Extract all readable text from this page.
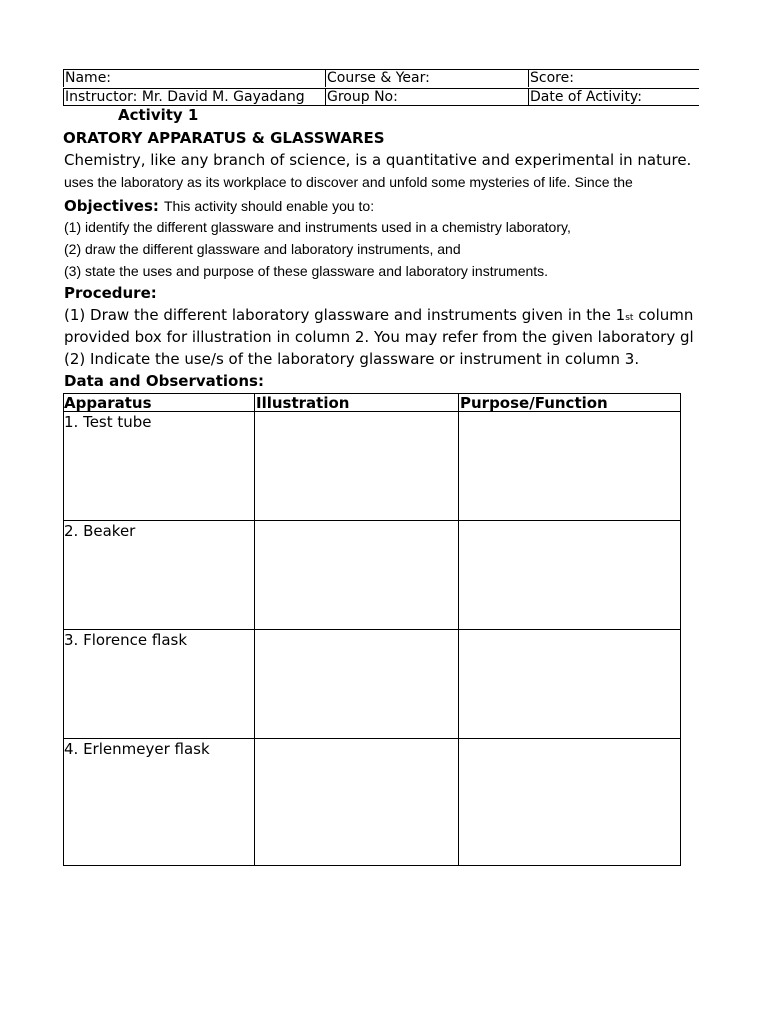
Name:	Course & Year:	Score:
Instructor: Mr. David M. Gayadang	Group No:	Date of Activity:
Activity 1
ORATORY APPARATUS & GLASSWARES
Chemistry, like any branch of science, is a quantitative and experimental in nature.
uses the laboratory as its workplace to discover and unfold some mysteries of life. Since the
Objectives: This activity should enable you to:
(1) identify the different glassware and instruments used in a chemistry laboratory,
(2) draw the different glassware and laboratory instruments, and
(3) state the uses and purpose of these glassware and laboratory instruments.
Procedure:
(1) Draw the different laboratory glassware and instruments given in the 1st column
provided box for illustration in column 2. You may refer from the given laboratory gl
(2) Indicate the use/s of the laboratory glassware or instrument in column 3.
Data and Observations:
Apparatus	Illustration	Purpose/Function
1. Test tube
2. Beaker
3. Florence flask
4. Erlenmeyer flask
